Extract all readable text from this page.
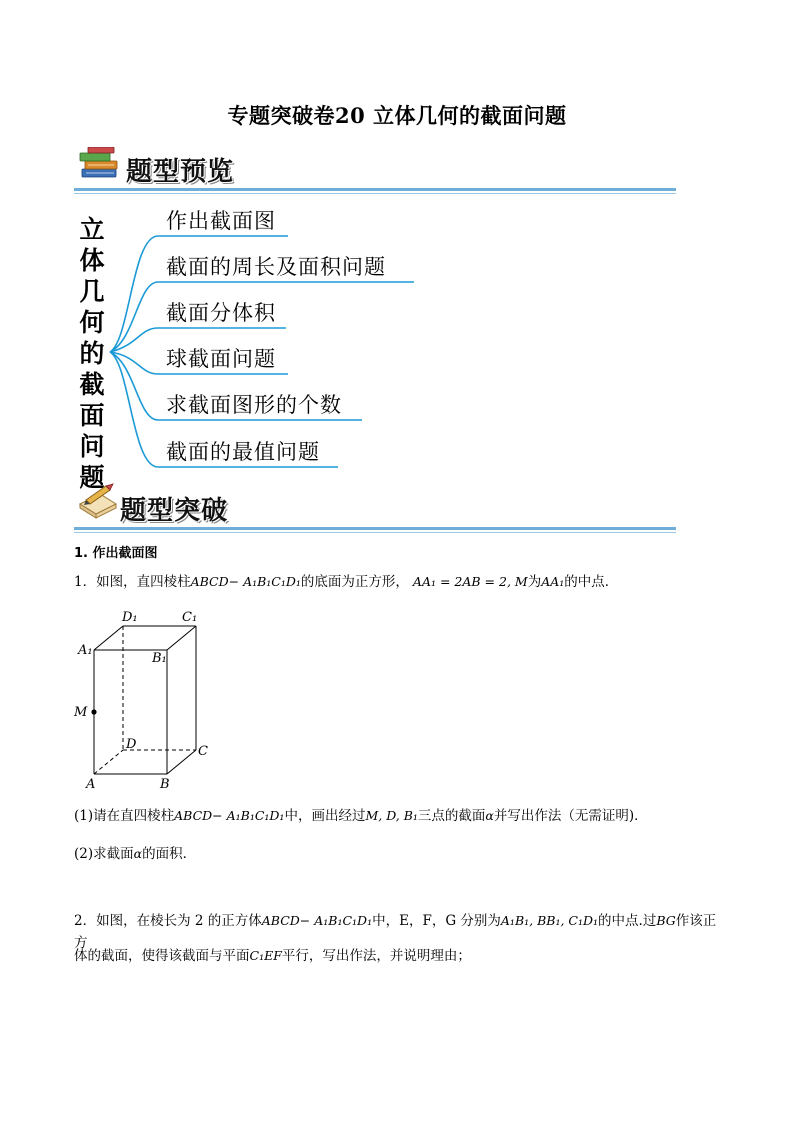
专题突破卷20 立体几何的截面问题
题型预览
立
体
几
何
的
截
面
问
题
作出截面图
截面的周长及面积问题
截面分体积
球截面问题
求截面图形的个数
截面的最值问题
题型突破
1. 作出截面图
1．如图，直四棱柱ABCD− A₁B₁C₁D₁的底面为正方形， AA₁ = 2AB = 2, M为AA₁的中点．
D₁	C₁
A₁
B₁
M
D	C
A	B
(1)请在直四棱柱ABCD− A₁B₁C₁D₁中，画出经过M, D, B₁三点的截面α并写出作法（无需证明)．
(2)求截面α的面积．
2．如图，在棱长为 2 的正方体ABCD− A₁B₁C₁D₁中，E，F，G 分别为A₁B₁, BB₁, C₁D₁的中点.过BG作该正方
体的截面，使得该截面与平面C₁EF平行，写出作法，并说明理由；
